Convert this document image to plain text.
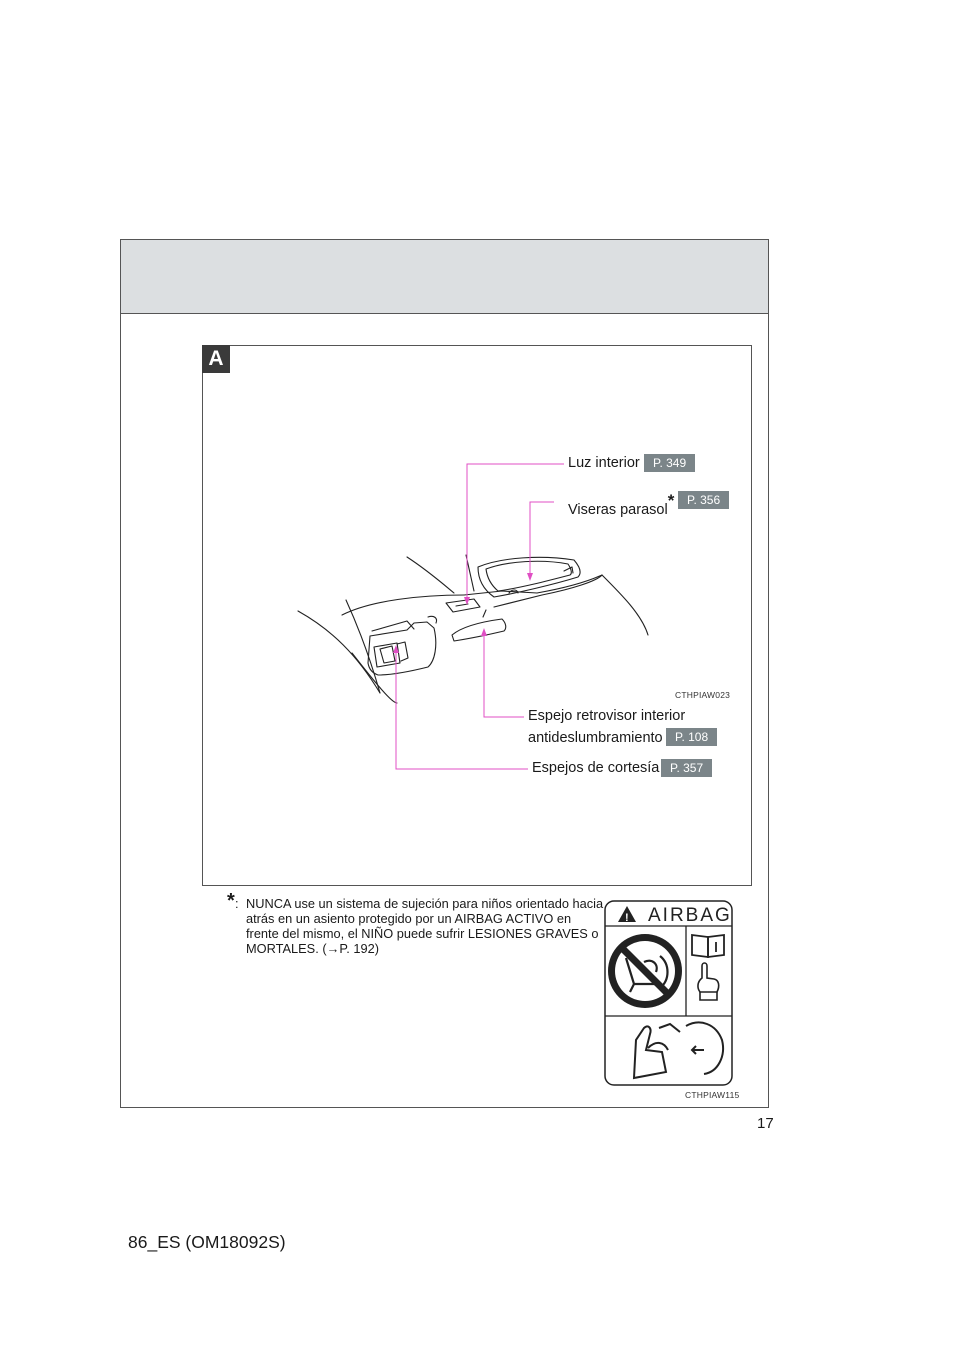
A
Luz interior	P. 349
Viseras parasol*	P. 356
CTHPIAW023
Espejo retrovisor interior
antideslumbramiento	P. 108
Espejos de cortesía P. 357
* : NUNCA use un sistema de sujeción para niños orientado hacia atrás en un asiento protegido por un AIRBAG ACTIVO en frente del mismo, el NIÑO puede sufrir LESIONES GRAVES o MORTALES. (→P. 192)
AIRBAG
!
CTHPIAW115
17
86_ES (OM18092S)
